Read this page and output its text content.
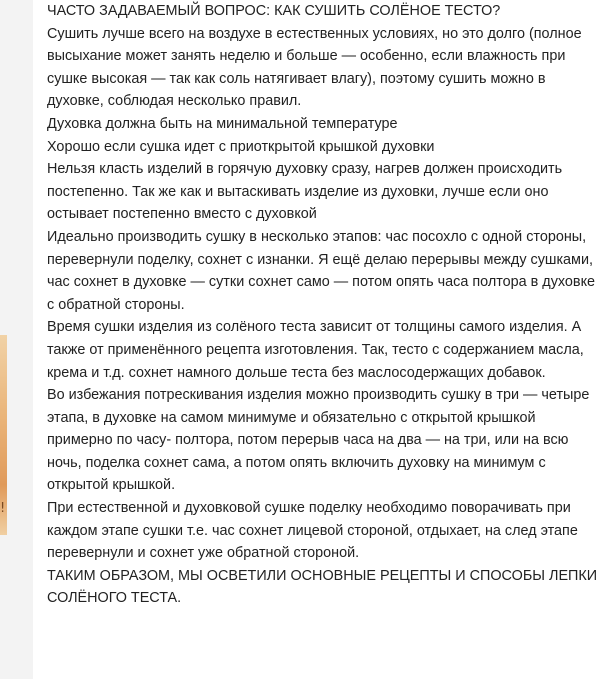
!

ЧАСТО ЗАДАВАЕМЫЙ ВОПРОС: КАК СУШИТЬ СОЛЁНОЕ ТЕСТО?

Сушить лучше всего на воздухе в естественных условиях, но это долго (полное высыхание может занять неделю и больше — особенно, если влажность при сушке высокая — так как соль натягивает влагу), поэтому сушить можно в духовке, соблюдая несколько правил.

Духовка должна быть на минимальной температуре

Хорошо если сушка идет с приоткрытой крышкой духовки

Нельзя класть изделий в горячую духовку сразу, нагрев должен происходить постепенно. Так же как и вытаскивать изделие из духовки, лучше если оно остывает постепенно вместо с духовкой

Идеально производить сушку в несколько этапов: час посохло с одной стороны, перевернули поделку, сохнет с изнанки. Я ещё делаю перерывы между сушками, час сохнет в духовке — сутки сохнет само — потом опять часа полтора в духовке с обратной стороны.

Время сушки изделия из солёного теста зависит от толщины самого изделия. А также от применённого рецепта изготовления. Так, тесто с содержанием масла, крема и т.д. сохнет намного дольше теста без маслосодержащих добавок.

Во избежания потрескивания изделия можно производить сушку в три — четыре этапа, в духовке на самом минимуме и обязательно с открытой крышкой примерно по часу- полтора, потом перерыв часа на два — на три, или на всю ночь, поделка сохнет сама, а потом опять включить духовку на минимум с открытой крышкой.

При естественной и духовковой сушке поделку необходимо поворачивать при каждом этапе сушки т.е. час сохнет лицевой стороной, отдыхает, на след этапе перевернули и сохнет уже обратной стороной.

ТАКИМ ОБРАЗОМ, МЫ ОСВЕТИЛИ ОСНОВНЫЕ РЕЦЕПТЫ И СПОСОБЫ ЛЕПКИ СОЛЁНОГО ТЕСТА.
